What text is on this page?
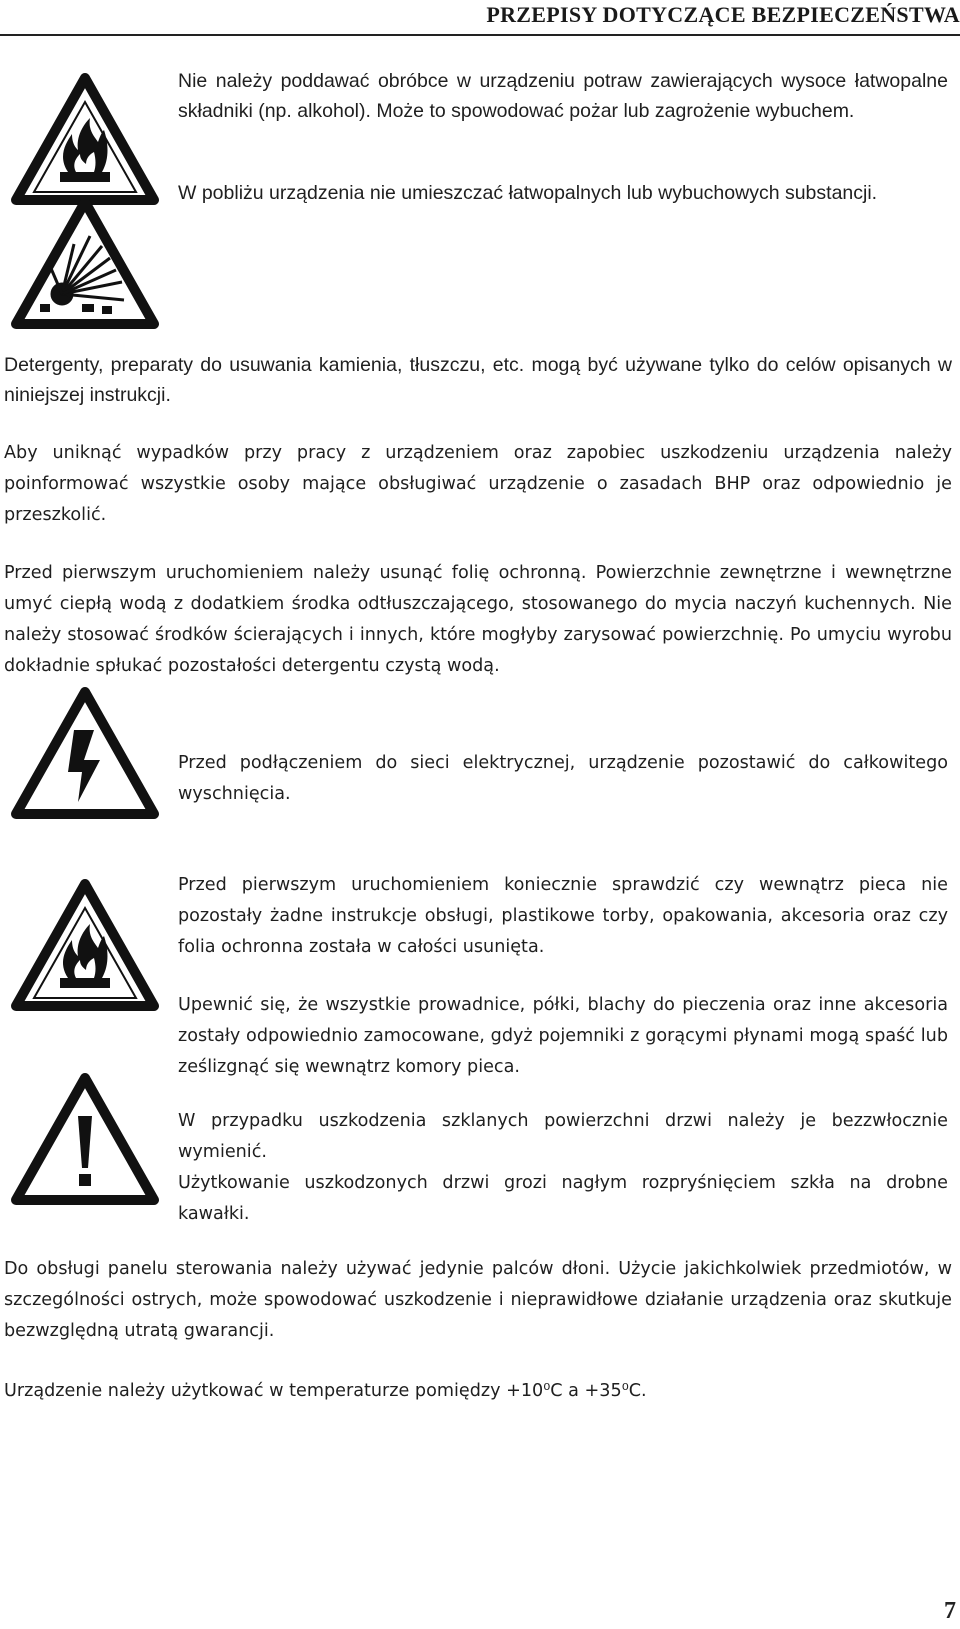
PRZEPISY DOTYCZĄCE BEZPIECZEŃSTWA

Nie należy poddawać obróbce w urządzeniu potraw zawierających wysoce łatwopalne składniki (np. alkohol). Może to spowodować pożar lub zagrożenie wybuchem.

W pobliżu urządzenia nie umieszczać łatwopalnych lub wybuchowych substancji.

Detergenty, preparaty do usuwania kamienia, tłuszczu, etc. mogą być używane tylko do celów opisanych w niniejszej instrukcji.

Aby uniknąć wypadków przy pracy z urządzeniem oraz zapobiec uszkodzeniu urządzenia należy poinformować wszystkie osoby mające obsługiwać urządzenie o zasadach BHP oraz odpowiednio je przeszkolić.

Przed pierwszym uruchomieniem należy usunąć folię ochronną. Powierzchnie zewnętrzne i wewnętrzne umyć ciepłą wodą z dodatkiem środka odtłuszczającego, stosowanego do mycia naczyń kuchennych. Nie należy stosować środków ścierających i innych, które mogłyby zarysować powierzchnię. Po umyciu wyrobu dokładnie spłukać pozostałości detergentu czystą wodą.

Przed podłączeniem do sieci elektrycznej, urządzenie pozostawić do całkowitego wyschnięcia.

Przed pierwszym uruchomieniem koniecznie sprawdzić czy wewnątrz pieca nie pozostały żadne instrukcje obsługi, plastikowe torby, opakowania, akcesoria oraz czy folia ochronna została w całości usunięta.

Upewnić się, że wszystkie prowadnice, półki, blachy do pieczenia oraz inne akcesoria zostały odpowiednio zamocowane, gdyż pojemniki z gorącymi płynami mogą spaść lub ześlizgnąć się wewnątrz komory pieca.

W przypadku uszkodzenia szklanych powierzchni drzwi należy je bezzwłocznie wymienić.
Użytkowanie uszkodzonych drzwi grozi nagłym rozpryśnięciem szkła na drobne kawałki.

Do obsługi panelu sterowania należy używać jedynie palców dłoni. Użycie jakichkolwiek przedmiotów, w szczególności ostrych, może spowodować uszkodzenie i nieprawidłowe działanie urządzenia oraz skutkuje bezwzględną utratą gwarancji.

Urządzenie należy użytkować w temperaturze pomiędzy +10⁰C a +35⁰C.

7
